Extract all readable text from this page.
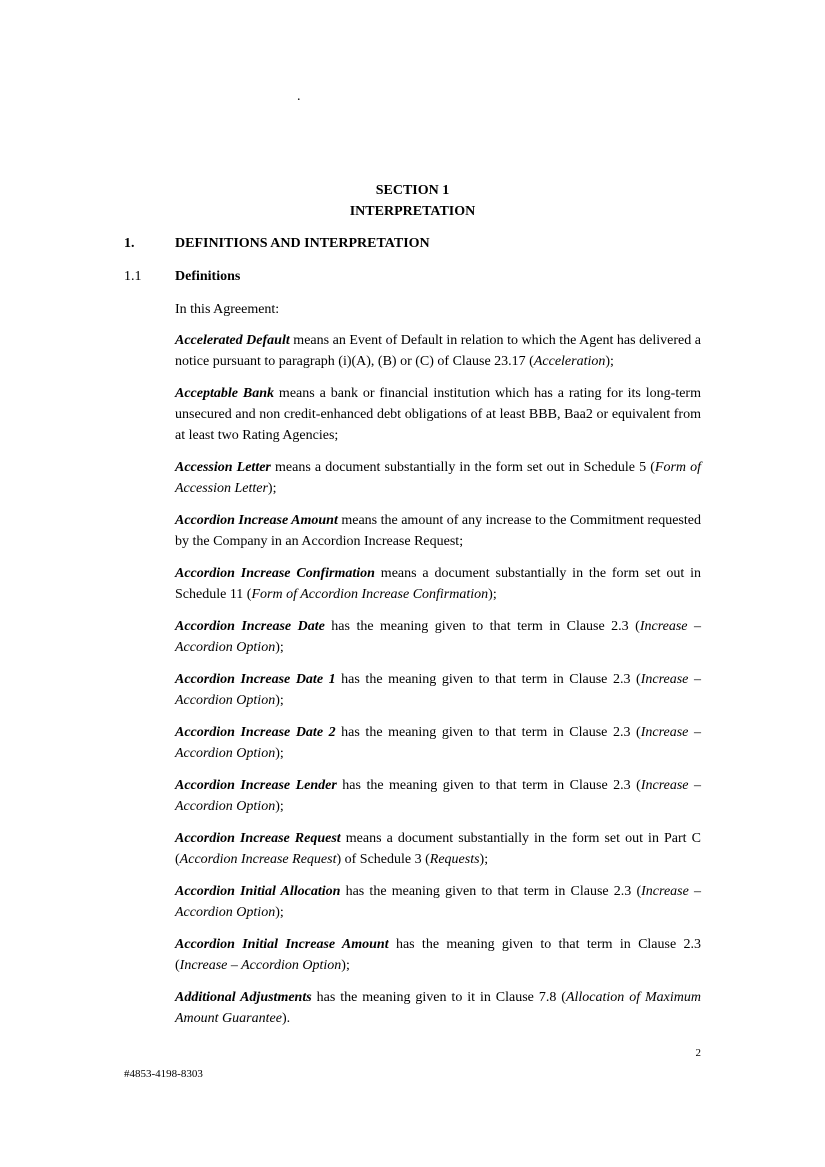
.
SECTION 1
INTERPRETATION
1.	DEFINITIONS AND INTERPRETATION
1.1	Definitions

In this Agreement:

Accelerated Default means an Event of Default in relation to which the Agent has delivered a notice pursuant to paragraph (i)(A), (B) or (C) of Clause 23.17 (Acceleration);

Acceptable Bank means a bank or financial institution which has a rating for its long-term unsecured and non credit-enhanced debt obligations of at least BBB, Baa2 or equivalent from at least two Rating Agencies;

Accession Letter means a document substantially in the form set out in Schedule 5 (Form of Accession Letter);

Accordion Increase Amount means the amount of any increase to the Commitment requested by the Company in an Accordion Increase Request;

Accordion Increase Confirmation means a document substantially in the form set out in Schedule 11 (Form of Accordion Increase Confirmation);

Accordion Increase Date has the meaning given to that term in Clause 2.3 (Increase – Accordion Option);

Accordion Increase Date 1 has the meaning given to that term in Clause 2.3 (Increase – Accordion Option);

Accordion Increase Date 2 has the meaning given to that term in Clause 2.3 (Increase – Accordion Option);

Accordion Increase Lender has the meaning given to that term in Clause 2.3 (Increase – Accordion Option);

Accordion Increase Request means a document substantially in the form set out in Part C (Accordion Increase Request) of Schedule 3 (Requests);

Accordion Initial Allocation has the meaning given to that term in Clause 2.3 (Increase – Accordion Option);

Accordion Initial Increase Amount has the meaning given to that term in Clause 2.3 (Increase – Accordion Option);

Additional Adjustments has the meaning given to it in Clause 7.8 (Allocation of Maximum Amount Guarantee).

2
#4853-4198-8303
